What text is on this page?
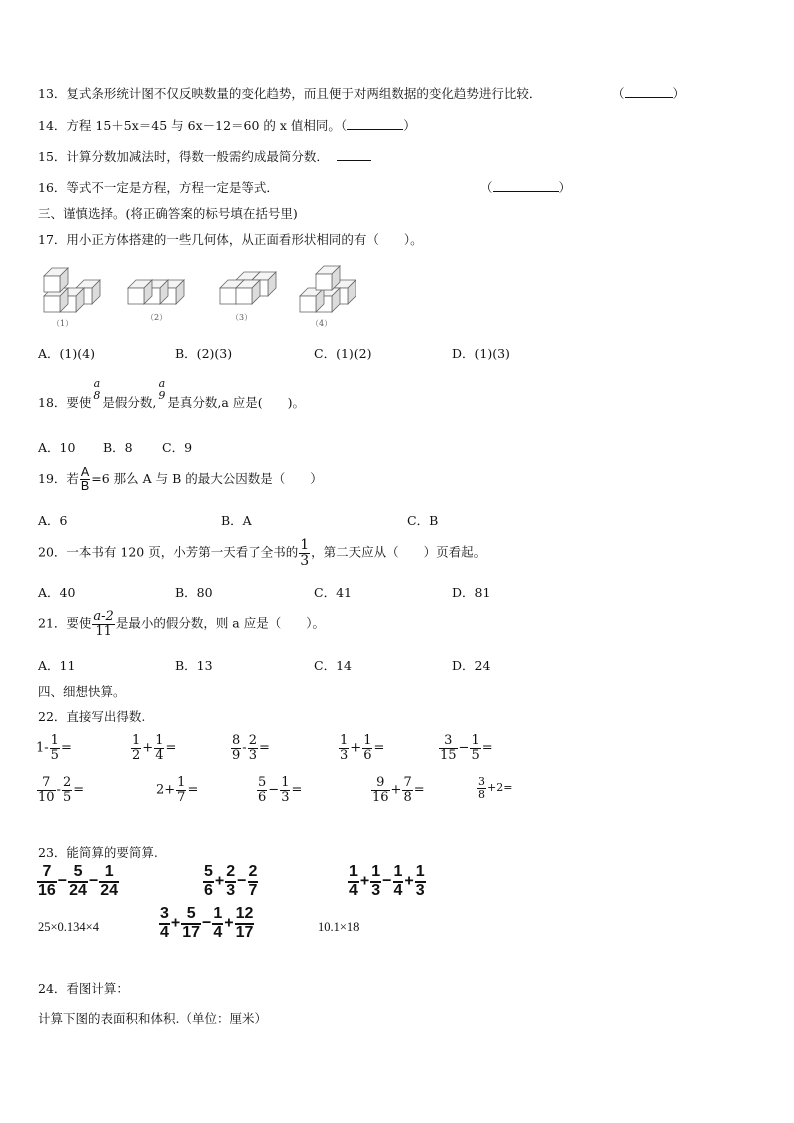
13．复式条形统计图不仅反映数量的变化趋势，而且便于对两组数据的变化趋势进行比较．	（	）
14．方程 15＋5x＝45 与 6x－12＝60 的 x 值相同。（	）
15．计算分数加减法时，得数一般需约成最简分数．
16．等式不一定是方程，方程一定是等式．	（	）
三、谨慎选择。(将正确答案的标号填在括号里)
17．用小正方体搭建的一些几何体，从正面看形状相同的有（　　）。
（1）
（2）	（3）
（4）
A．(1)(4)	B．(2)(3)	C．(1)(2)	D．(1)(3)
18．要使
a
8 是假分数,
a
9 是真分数,a 应是(　　)。
A．10 B．8 C．9
19．若 $\frac{A}{B} =6$ 那么 A 与 B 的最大公因数是（　　）
A．6	B．A	C．B
20．一本书有 120 页，小芳第一天看了全书的 $\frac{1}{3}$ ，第二天应从（　　）页看起。
A．40	B．80	C．41	D．81
21．要使 $\frac{a-2}{11}$ 是最小的假分数，则 a 应是（　　）。
A．11	B．13	C．14	D．24
四、细想快算。
22．直接写出得数.
$1- \frac{1}{5}$ =	$\frac{1}{2} + \frac{1}{4}$ =	$\frac{8}{9} - \frac{2}{3}$ =	$\frac{1}{3} + \frac{1}{6}$ =	$\frac{3}{15} - \frac{1}{5}$ =
$\frac{7}{10} - \frac{2}{5}$ =	$2+ \frac{1}{7}$ =	$\frac{5}{6} - \frac{1}{3}$ =	$\frac{9}{16} + \frac{7}{8}$ =	$\frac{3}{8} +2=$
23．能简算的要简算.
$\frac{7}{16} - \frac{5}{24} - \frac{1}{24}$	$\frac{5}{6} + \frac{2}{3} - \frac{2}{7}$	$\frac{1}{4} + \frac{1}{3} - \frac{1}{4} + \frac{1}{3}$
25×0.134×4	$\frac{3}{4} + \frac{5}{17} - \frac{1}{4} + \frac{12}{17}$	10.1×18
24．看图计算：
计算下图的表面积和体积.（单位：厘米）
